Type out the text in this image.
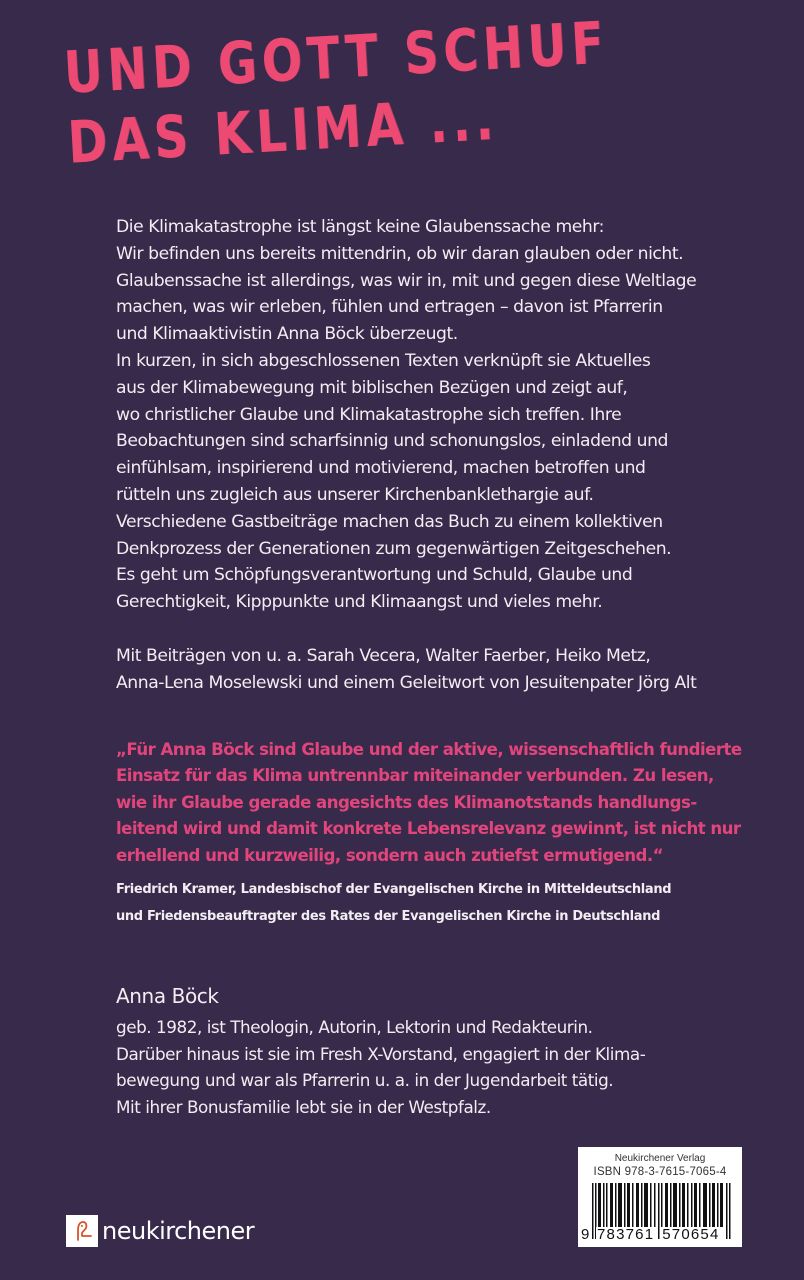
UND GOTT SCHUF
DAS KLIMA ...

Die Klimakatastrophe ist längst keine Glaubenssache mehr:
Wir befinden uns bereits mittendrin, ob wir daran glauben oder nicht.
Glaubenssache ist allerdings, was wir in, mit und gegen diese Weltlage
machen, was wir erleben, fühlen und ertragen – davon ist Pfarrerin
und Klimaaktivistin Anna Böck überzeugt.
In kurzen, in sich abgeschlossenen Texten verknüpft sie Aktuelles
aus der Klimabewegung mit biblischen Bezügen und zeigt auf,
wo christlicher Glaube und Klimakatastrophe sich treffen. Ihre
Beobachtungen sind scharfsinnig und schonungslos, einladend und
einfühlsam, inspirierend und motivierend, machen betroffen und
rütteln uns zugleich aus unserer Kirchenbanklethargie auf.
Verschiedene Gastbeiträge machen das Buch zu einem kollektiven
Denkprozess der Generationen zum gegenwärtigen Zeitgeschehen.
Es geht um Schöpfungsverantwortung und Schuld, Glaube und
Gerechtigkeit, Kipppunkte und Klimaangst und vieles mehr.

Mit Beiträgen von u. a. Sarah Vecera, Walter Faerber, Heiko Metz,
Anna-Lena Moselewski und einem Geleitwort von Jesuitenpater Jörg Alt

„Für Anna Böck sind Glaube und der aktive, wissenschaftlich fundierte
Einsatz für das Klima untrennbar miteinander verbunden. Zu lesen,
wie ihr Glaube gerade angesichts des Klimanotstands handlungs-
leitend wird und damit konkrete Lebensrelevanz gewinnt, ist nicht nur
erhellend und kurzweilig, sondern auch zutiefst ermutigend.“
Friedrich Kramer, Landesbischof der Evangelischen Kirche in Mitteldeutschland
und Friedensbeauftragter des Rates der Evangelischen Kirche in Deutschland
Anna Böck
geb. 1982, ist Theologin, Autorin, Lektorin und Redakteurin.
Darüber hinaus ist sie im Fresh X-Vorstand, engagiert in der Klima-
bewegung und war als Pfarrerin u. a. in der Jugendarbeit tätig.
Mit ihrer Bonusfamilie lebt sie in der Westpfalz.
neukirchener
Neukirchener Verlag
ISBN 978-3-7615-7065-4
9 783761 570654
